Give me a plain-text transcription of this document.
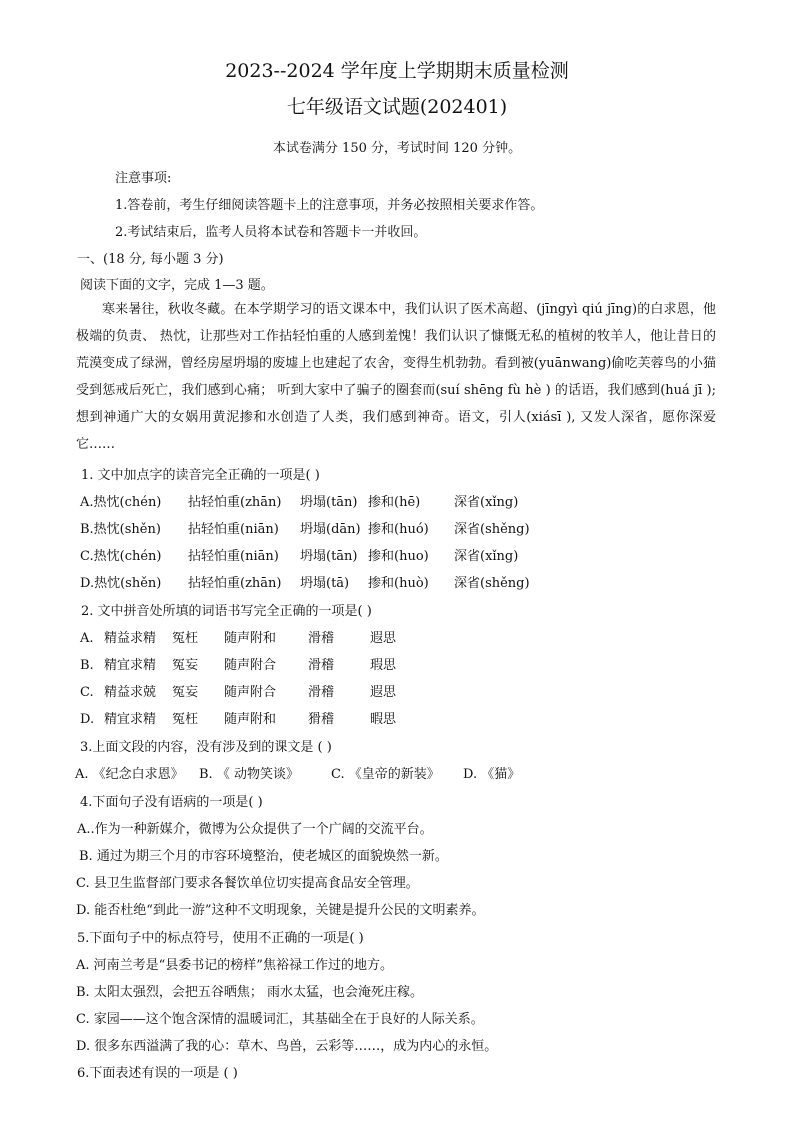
2023--2024 学年度上学期期末质量检测
七年级语文试题(202401)
本试卷满分 150 分，考试时间 120 分钟。
注意事项:
1.答卷前，考生仔细阅读答题卡上的注意事项，并务必按照相关要求作答。
2.考试结束后，监考人员将本试卷和答题卡一并收回。
一、(18 分, 每小题 3 分)
阅读下面的文字，完成 1—3 题。

寒来暑往，秋收冬藏。在本学期学习的语文课本中，我们认识了医术高超、(jīngyì qiú jīng)的白求恩，他极端的负责、 热忱，让那些对工作拈轻怕重的人感到羞愧！我们认识了慷慨无私的植树的牧羊人，他让昔日的荒漠变成了绿洲，曾经房屋坍塌的废墟上也建起了农舍，变得生机勃勃。看到被(yuānwang)偷吃芙蓉鸟的小猫受到惩戒后死亡，我们感到心痛； 听到大家中了骗子的圈套而(suí shēng fù hè ) 的话语，我们感到(huá jī ); 想到神通广大的女娲用黄泥掺和水创造了人类，我们感到神奇。语文，引人(xiásī ), 又发人深省，愿你深爱它……

1. 文中加点字的读音完全正确的一项是( )
A.热忱(chén) 拈轻怕重(zhān) 坍塌(tān) 掺和(hē)	深省(xǐng)
B.热忱(shěn) 拈轻怕重(niān) 坍塌(dān) 掺和(huó) 深省(shěng)
C.热忱(chén) 拈轻怕重(niān) 坍塌(tān) 掺和(huo) 深省(xǐng)
D.热忱(shěn) 拈轻怕重(zhān) 坍塌(tā) 掺和(huò) 深省(shěng)
2. 文中拼音处所填的词语书写完全正确的一项是( )
A. 精益求精 冤枉 随声附和 滑稽	遐思
B. 精宜求精 冤妄 随声附合 滑稽	瑕思
C. 精益求兢 冤妄 随声附合 滑稽	遐思
D. 精宜求精 冤枉 随声附和 猾稽	暇思
3.上面文段的内容，没有涉及到的课文是 ( )
A. 《纪念白求恩》 B. 《 动物笑谈》 C. 《皇帝的新装》 D. 《猫》
4.下面句子没有语病的一项是( )
A..作为一种新媒介，微博为公众提供了一个广阔的交流平台。
B. 通过为期三个月的市容环境整治，使老城区的面貌焕然一新。
C. 县卫生监督部门要求各餐饮单位切实提高食品安全管理。
D. 能否杜绝“到此一游”这种不文明现象，关键是提升公民的文明素养。
5.下面句子中的标点符号，使用不正确的一项是( )
A. 河南兰考是“县委书记的榜样”焦裕禄工作过的地方。
B. 太阳太强烈，会把五谷晒焦； 雨水太猛，也会淹死庄稼。
C. 家园——这个饱含深情的温暖词汇，其基础全在于良好的人际关系。
D. 很多东西溢满了我的心：草木、鸟兽，云彩等……，成为内心的永恒。
6.下面表述有误的一项是 ( )
